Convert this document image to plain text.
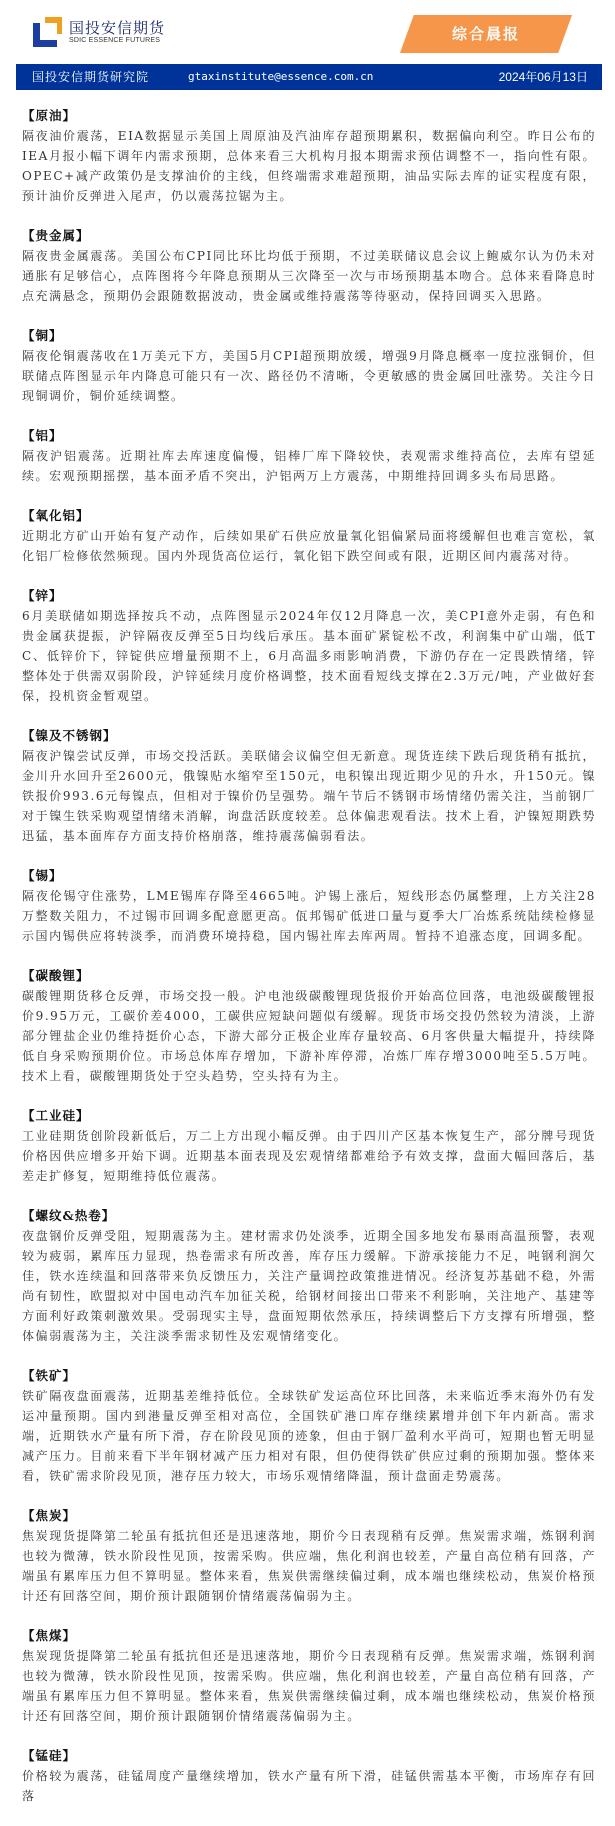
国投安信期货
SDIC ESSENCE FUTURES	综合晨报
国投安信期货研究院	gtaxinstitute@essence.com.cn	2024年06月13日
【原油】

隔夜油价震荡，EIA数据显示美国上周原油及汽油库存超预期累积，数据偏向利空。昨日公布的IEA月报小幅下调年内需求预期，总体来看三大机构月报本期需求预估调整不一，指向性有限。OPEC+减产政策仍是支撑油价的主线，但终端需求难超预期，油品实际去库的证实程度有限，预计油价反弹进入尾声，仍以震荡拉锯为主。

【贵金属】

隔夜贵金属震荡。美国公布CPI同比环比均低于预期，不过美联储议息会议上鲍威尔认为仍未对通胀有足够信心，点阵图将今年降息预期从三次降至一次与市场预期基本吻合。总体来看降息时点充满悬念，预期仍会跟随数据波动，贵金属或维持震荡等待驱动，保持回调买入思路。

【铜】

隔夜伦铜震荡收在1万美元下方，美国5月CPI超预期放缓，增强9月降息概率一度拉涨铜价，但联储点阵图显示年内降息可能只有一次、路径仍不清晰，令更敏感的贵金属回吐涨势。关注今日现铜调价，铜价延续调整。

【铝】

隔夜沪铝震荡。近期社库去库速度偏慢，铝棒厂库下降较快，表观需求维持高位，去库有望延续。宏观预期摇摆，基本面矛盾不突出，沪铝两万上方震荡，中期维持回调多头布局思路。

【氧化铝】

近期北方矿山开始有复产动作，后续如果矿石供应放量氧化铝偏紧局面将缓解但也难言宽松，氧化铝厂检修依然频现。国内外现货高位运行，氧化铝下跌空间或有限，近期区间内震荡对待。

【锌】

6月美联储如期选择按兵不动，点阵图显示2024年仅12月降息一次，美CPI意外走弱，有色和贵金属获提振，沪锌隔夜反弹至5日均线后承压。基本面矿紧锭松不改，利润集中矿山端，低TC、低锌价下，锌锭供应增量预期不上，6月高温多雨影响消费，下游仍存在一定畏跌情绪，锌整体处于供需双弱阶段，沪锌延续月度价格调整，技术面看短线支撑在2.3万元/吨，产业做好套保，投机资金暂观望。

【镍及不锈钢】

隔夜沪镍尝试反弹，市场交投活跃。美联储会议偏空但无新意。现货连续下跌后现货稍有抵抗，金川升水回升至2600元，俄镍贴水缩窄至150元，电积镍出现近期少见的升水，升150元。镍铁报价993.6元每镍点，但相对于镍价仍呈强势。端午节后不锈钢市场情绪仍需关注，当前钢厂对于镍生铁采购观望情绪未消解，询盘活跃度较差。总体偏悲观看法。技术上看，沪镍短期跌势迅猛，基本面库存方面支持价格崩落，维持震荡偏弱看法。

【锡】

隔夜伦锡守住涨势，LME锡库存降至4665吨。沪锡上涨后，短线形态仍属整理，上方关注28万整数关阻力，不过锡市回调多配意愿更高。佤邦锡矿低进口量与夏季大厂冶炼系统陆续检修显示国内锡供应将转淡季，而消费环境持稳，国内锡社库去库两周。暂持不追涨态度，回调多配。

【碳酸锂】

碳酸锂期货移仓反弹，市场交投一般。沪电池级碳酸锂现货报价开始高位回落，电池级碳酸锂报价9.95万元，工碳价差4000，工碳供应短缺问题似有缓解。现货市场交投仍然较为清淡，上游部分锂盐企业仍维持挺价心态，下游大部分正极企业库存量较高、6月客供量大幅提升，持续降低自身采购预期价位。市场总体库存增加，下游补库停滞，冶炼厂库存增3000吨至5.5万吨。技术上看，碳酸锂期货处于空头趋势，空头持有为主。

【工业硅】

工业硅期货创阶段新低后，万二上方出现小幅反弹。由于四川产区基本恢复生产，部分牌号现货价格因供应增多开始下调。近期基本面表现及宏观情绪都难给予有效支撑，盘面大幅回落后，基差走扩修复，短期维持低位震荡。

【螺纹&热卷】

夜盘钢价反弹受阻，短期震荡为主。建材需求仍处淡季，近期全国多地发布暴雨高温预警，表观较为疲弱，累库压力显现，热卷需求有所改善，库存压力缓解。下游承接能力不足，吨钢利润欠佳，铁水连续温和回落带来负反馈压力，关注产量调控政策推进情况。经济复苏基础不稳，外需尚有韧性，欧盟拟对中国电动汽车加征关税，给钢材间接出口带来不利影响，关注地产、基建等方面利好政策刺激效果。受弱现实主导，盘面短期依然承压，持续调整后下方支撑有所增强，整体偏弱震荡为主，关注淡季需求韧性及宏观情绪变化。

【铁矿】

铁矿隔夜盘面震荡，近期基差维持低位。全球铁矿发运高位环比回落，未来临近季末海外仍有发运冲量预期。国内到港量反弹至相对高位，全国铁矿港口库存继续累增并创下年内新高。需求端，近期铁水产量有所下滑，存在阶段见顶的迹象，但由于钢厂盈利水平尚可，短期也暂无明显减产压力。目前来看下半年钢材减产压力相对有限，但仍使得铁矿供应过剩的预期加强。整体来看，铁矿需求阶段见顶，港存压力较大，市场乐观情绪降温，预计盘面走势震荡。

【焦炭】

焦炭现货提降第二轮虽有抵抗但还是迅速落地，期价今日表现稍有反弹。焦炭需求端，炼钢利润也较为微薄，铁水阶段性见顶，按需采购。供应端，焦化利润也较差，产量自高位稍有回落，产端虽有累库压力但不算明显。整体来看，焦炭供需继续偏过剩，成本端也继续松动，焦炭价格预计还有回落空间，期价预计跟随钢价情绪震荡偏弱为主。

【焦煤】

焦炭现货提降第二轮虽有抵抗但还是迅速落地，期价今日表现稍有反弹。焦炭需求端，炼钢利润也较为微薄，铁水阶段性见顶，按需采购。供应端，焦化利润也较差，产量自高位稍有回落，产端虽有累库压力但不算明显。整体来看，焦炭供需继续偏过剩，成本端也继续松动，焦炭价格预计还有回落空间，期价预计跟随钢价情绪震荡偏弱为主。

【锰硅】

价格较为震荡，硅锰周度产量继续增加，铁水产量有所下滑，硅锰供需基本平衡，市场库存有回落
